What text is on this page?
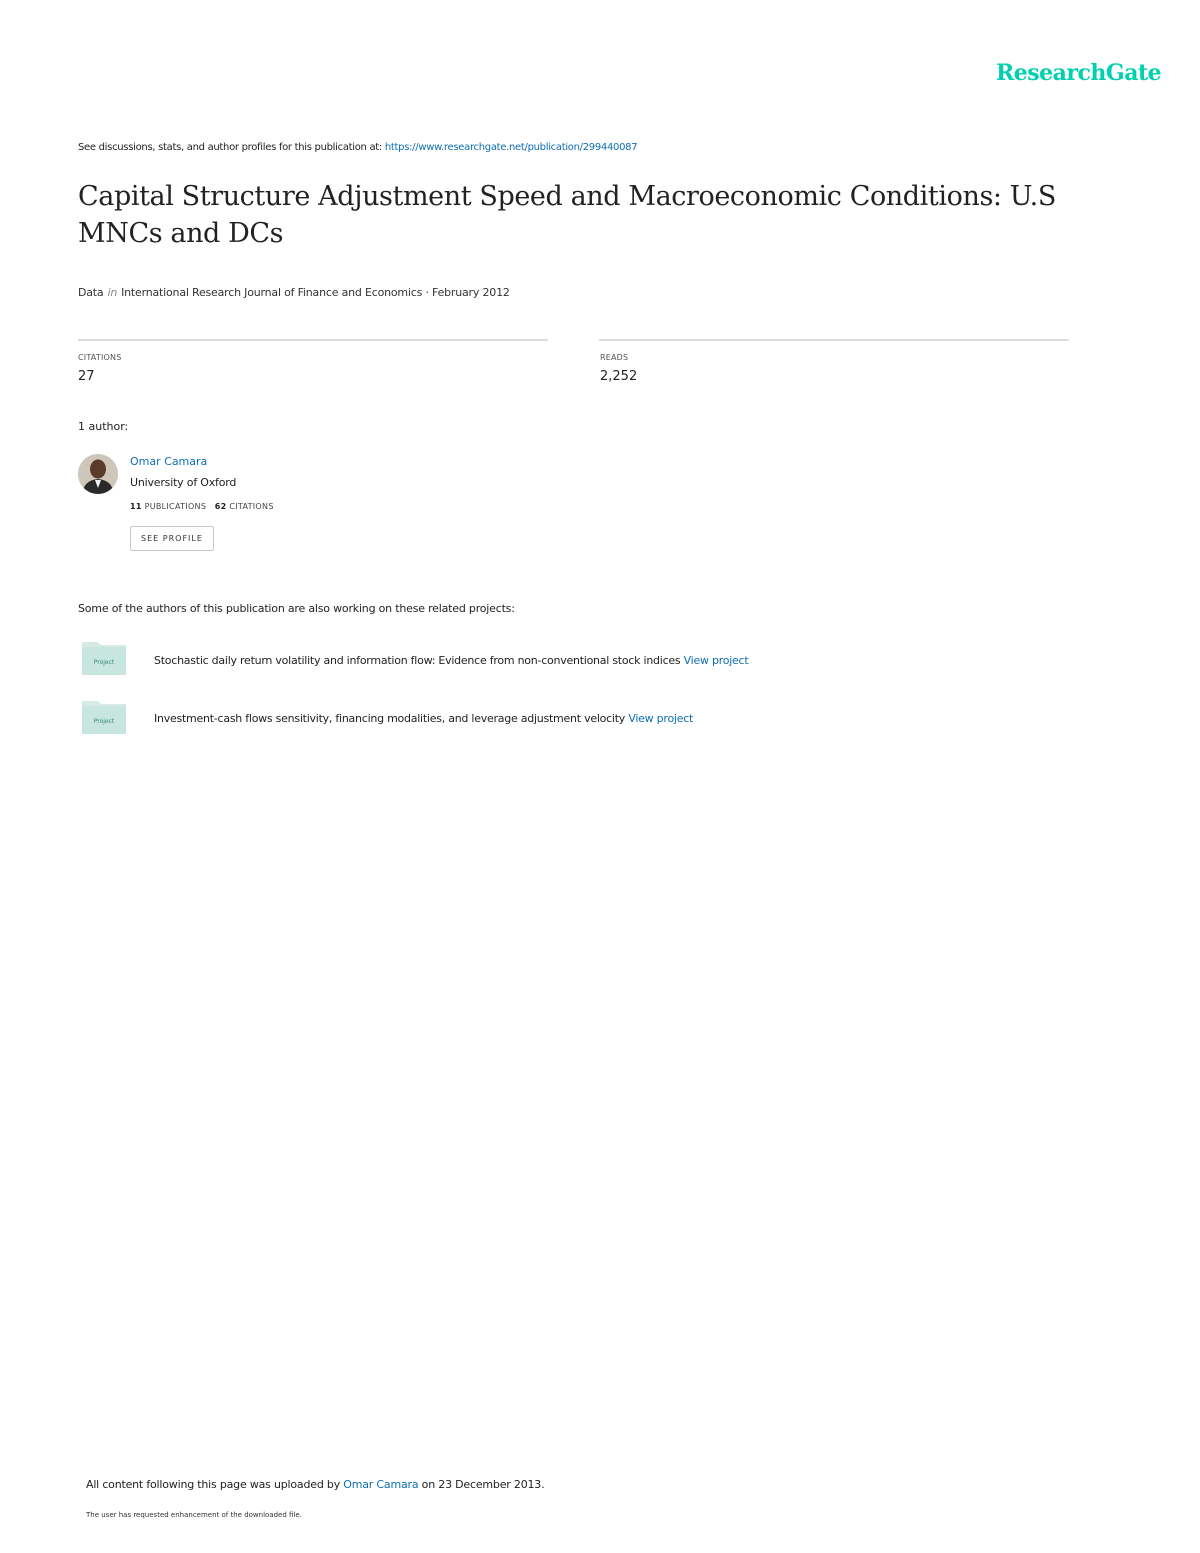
ResearchGate
See discussions, stats, and author profiles for this publication at: https://www.researchgate.net/publication/299440087
Capital Structure Adjustment Speed and Macroeconomic Conditions: U.S MNCs and DCs
Data in International Research Journal of Finance and Economics · February 2012
CITATIONS
27
READS
2,252
1 author:
Omar Camara
University of Oxford
11 PUBLICATIONS 62 CITATIONS
SEE PROFILE
Some of the authors of this publication are also working on these related projects:
Project	Stochastic daily return volatility and information flow: Evidence from non-conventional stock indices View project
Project	Investment-cash flows sensitivity, financing modalities, and leverage adjustment velocity View project
All content following this page was uploaded by Omar Camara on 23 December 2013.
The user has requested enhancement of the downloaded file.
